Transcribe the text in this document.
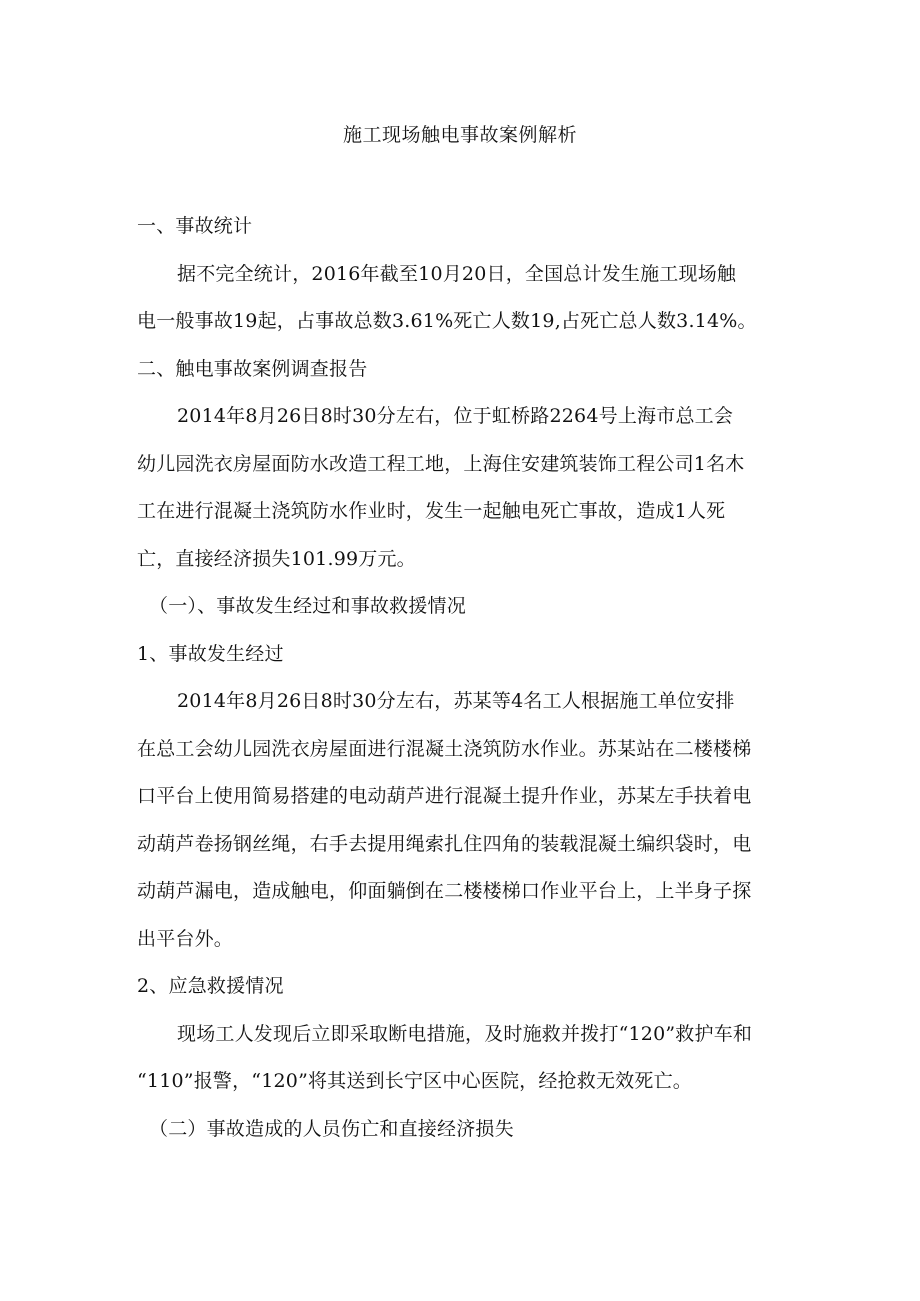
施工现场触电事故案例解析
一、事故统计
据不完全统计，2016年截至10月20日，全国总计发生施工现场触
电一般事故19起，占事故总数3.61%死亡人数19,占死亡总人数3.14%。
二、触电事故案例调查报告
2014年8月26日8时30分左右，位于虹桥路2264号上海市总工会
幼儿园洗衣房屋面防水改造工程工地，上海住安建筑装饰工程公司1名木
工在进行混凝土浇筑防水作业时，发生一起触电死亡事故，造成1人死
亡，直接经济损失101.99万元。
（一）、事故发生经过和事故救援情况
1、事故发生经过
2014年8月26日8时30分左右，苏某等4名工人根据施工单位安排
在总工会幼儿园洗衣房屋面进行混凝土浇筑防水作业。苏某站在二楼楼梯
口平台上使用简易搭建的电动葫芦进行混凝土提升作业，苏某左手扶着电
动葫芦卷扬钢丝绳，右手去提用绳索扎住四角的装载混凝土编织袋时，电
动葫芦漏电，造成触电，仰面躺倒在二楼楼梯口作业平台上，上半身子探
出平台外。
2、应急救援情况
现场工人发现后立即采取断电措施，及时施救并拨打“120”救护车和
“110”报警，“120”将其送到长宁区中心医院，经抢救无效死亡。
（二）事故造成的人员伤亡和直接经济损失
